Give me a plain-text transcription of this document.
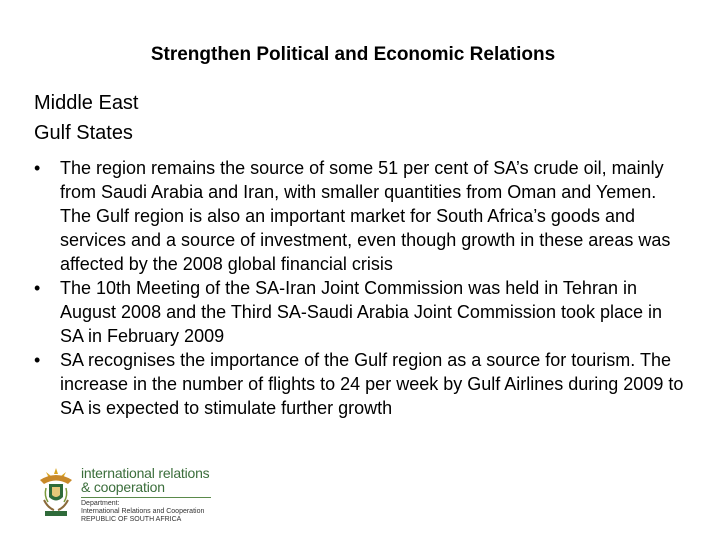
Strengthen Political and Economic Relations
Middle East
Gulf States
• The region remains the source of some 51 per cent of SA’s crude oil, mainly from Saudi Arabia and Iran, with smaller quantities from Oman and Yemen. The Gulf region is also an important market for South Africa’s goods and services and a source of investment, even though growth in these areas was affected by the 2008 global financial crisis
• The 10th Meeting of the SA-Iran Joint Commission was held in Tehran in August 2008 and the Third SA-Saudi Arabia Joint Commission took place in SA in February 2009
• SA recognises the importance of the Gulf region as a source for tourism. The increase in the number of flights to 24 per week by Gulf Airlines during 2009 to SA is expected to stimulate further growth
international relations
& cooperation
Department:
International Relations and Cooperation
REPUBLIC OF SOUTH AFRICA
